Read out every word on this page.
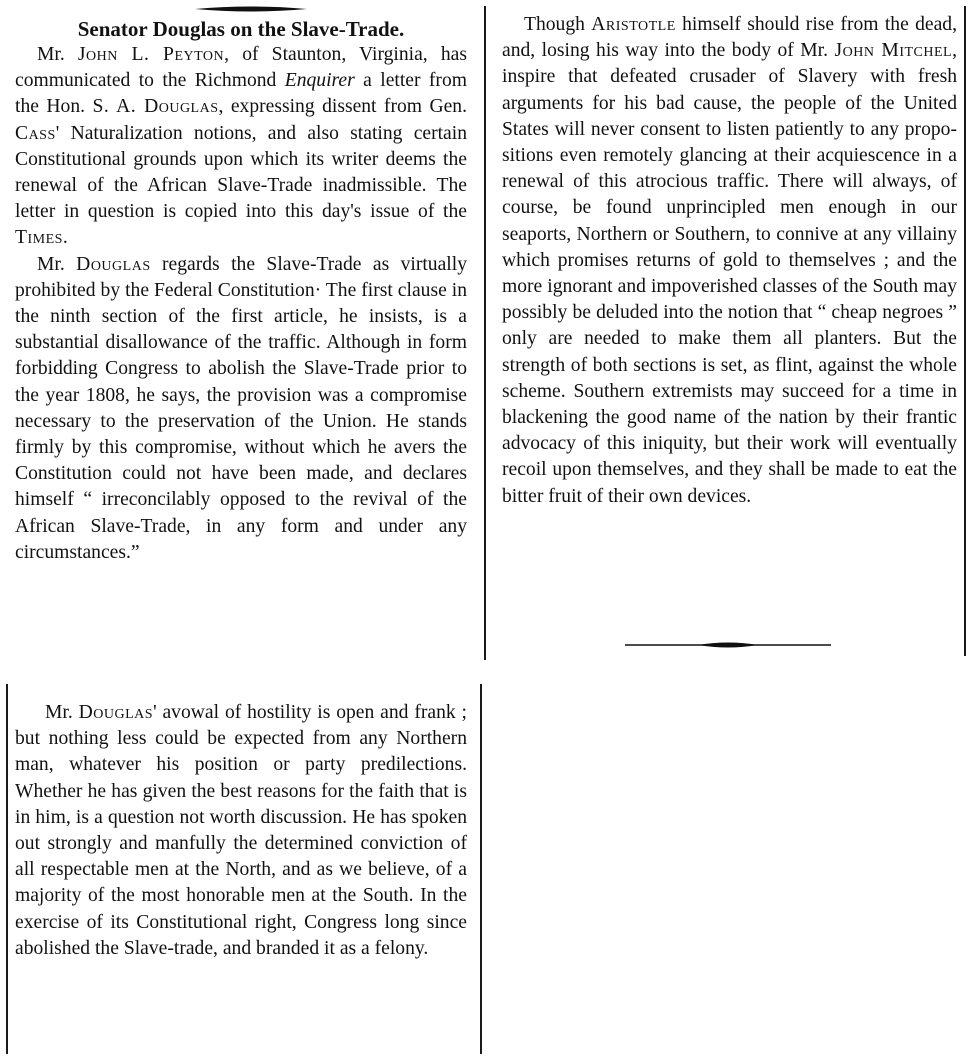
Senator Douglas on the Slave-Trade.

Mr. John L. Peyton, of Staunton, Virginia, has communicated to the Richmond Enquirer a letter from the Hon. S. A. Douglas, expressing dissent from Gen. Cass' Naturalization notions, and also stating certain Constitutional grounds upon which its writer deems the renewal of the African Slave-Trade inadmissible. The letter in question is copied into this day's issue of the Times.

Mr. Douglas regards the Slave-Trade as virtually prohibited by the Federal Constitution· The first clause in the ninth section of the first article, he insists, is a substantial disallowance of the traffic. Although in form forbidding Congress to abolish the Slave-Trade prior to the year 1808, he says, the provision was a compromise necessary to the preservation of the Union. He stands firmly by this compromise, without which he avers the Constitution could not have been made, and declares himself “ irreconcilably opposed to the revival of the African Slave-Trade, in any form and under any circumstances.”

Though Aristotle himself should rise from the dead, and, losing his way into the body of Mr. John Mitchel, inspire that defeated crusader of Slavery with fresh arguments for his bad cause, the people of the United States will never consent to listen patiently to any propositions even remotely glancing at their acquiescence in a renewal of this atrocious traffic. There will always, of course, be found unprincipled men enough in our seaports, Northern or Southern, to connive at any villainy which promises returns of gold to themselves ; and the more ignorant and impoverished classes of the South may possibly be deluded into the notion that “ cheap negroes ” only are needed to make them all planters. But the strength of both sections is set, as flint, against the whole scheme. Southern extremists may succeed for a time in blackening the good name of the nation by their frantic advocacy of this iniquity, but their work will eventually recoil upon themselves, and they shall be made to eat the bitter fruit of their own devices.

Mr. Douglas' avowal of hostility is open and frank ; but nothing less could be expected from any Northern man, whatever his position or party predilections. Whether he has given the best reasons for the faith that is in him, is a question not worth discussion. He has spoken out strongly and manfully the determined conviction of all respectable men at the North, and as we believe, of a majority of the most honorable men at the South. In the exercise of its Constitutional right, Congress long since abolished the Slave-trade, and branded it as a felony.
